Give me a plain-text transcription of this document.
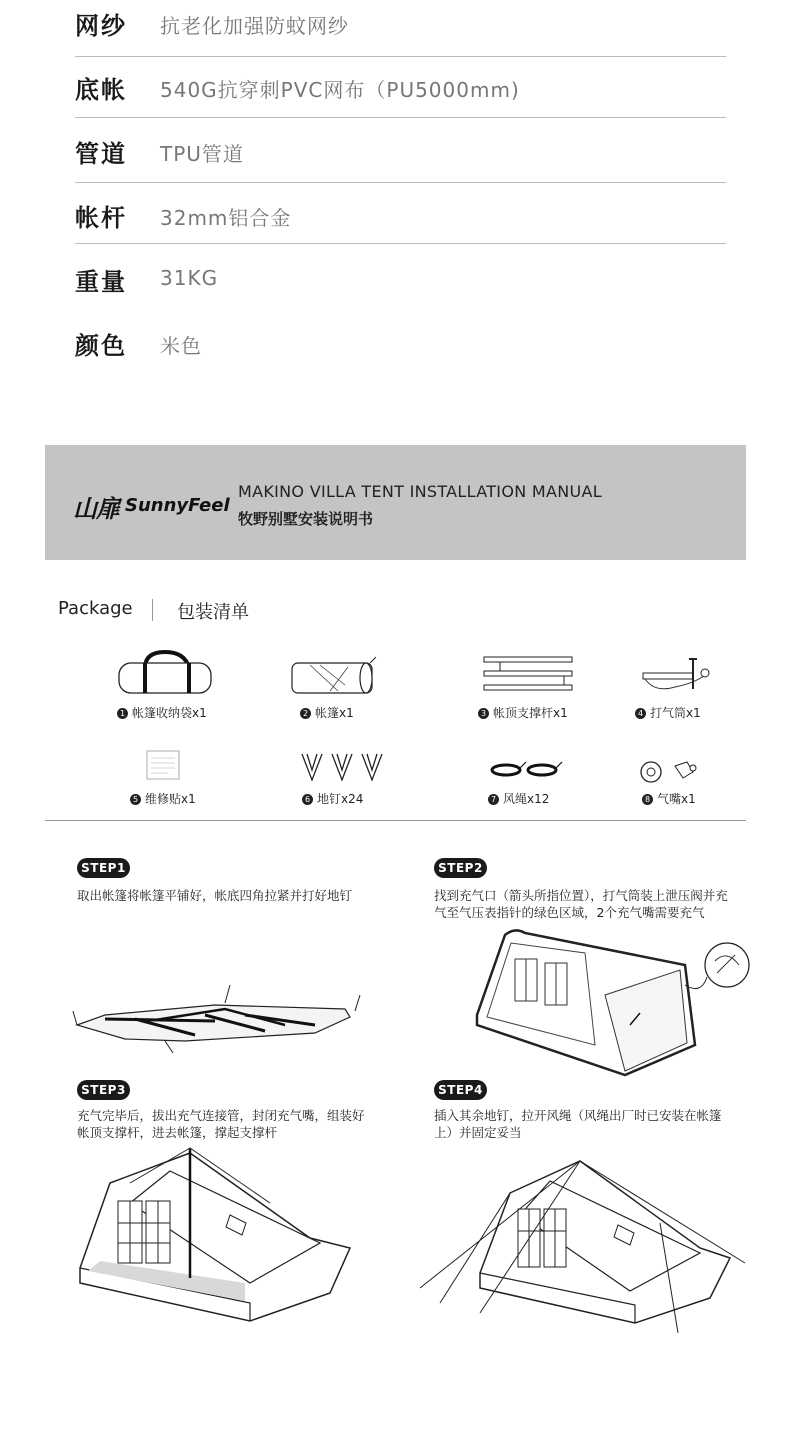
网纱 抗老化加强防蚊网纱
底帐 540G抗穿刺PVC网布（PU5000mm)
管道 TPU管道
帐杆 32mm铝合金
重量 31KG
颜色 米色
山扉 SunnyFeel
MAKINO VILLA TENT INSTALLATION MANUAL
牧野别墅安装说明书
Package 包装清单
1 帐篷收纳袋x1	2 帐篷x1	3 帐顶支撑杆x1	4 打气筒x1
5 维修贴x1	6 地钉x24	7 风绳x12	8 气嘴x1
STEP1
取出帐篷将帐篷平铺好，帐底四角拉紧并打好地钉
STEP2
找到充气口（箭头所指位置），打气筒装上泄压阀并充
气至气压表指针的绿色区域，2个充气嘴需要充气
STEP3
充气完毕后，拔出充气连接管，封闭充气嘴，组装好
帐顶支撑杆，进去帐篷，撑起支撑杆
STEP4
插入其余地钉，拉开风绳（风绳出厂时已安装在帐篷
上）并固定妥当
